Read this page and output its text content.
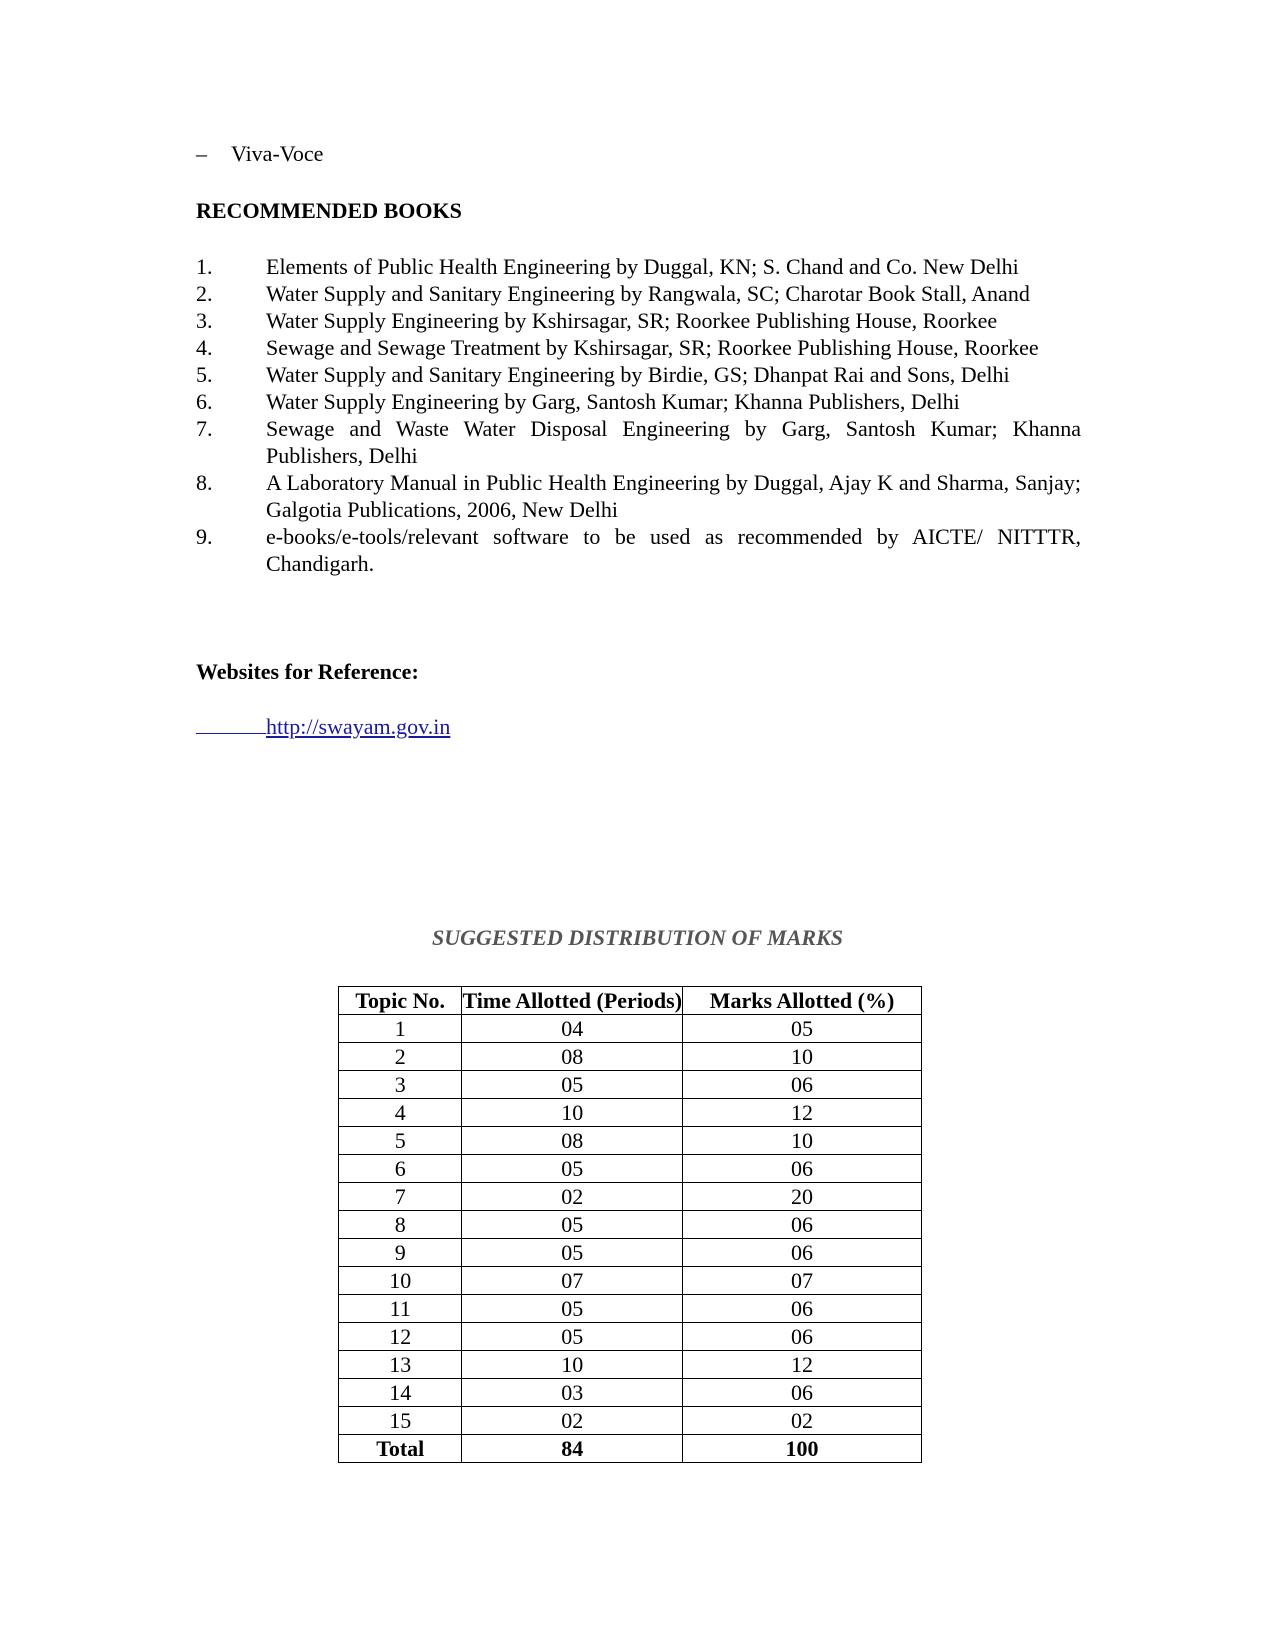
– Viva-Voce
RECOMMENDED BOOKS
1. Elements of Public Health Engineering by Duggal, KN; S. Chand and Co. New Delhi
2. Water Supply and Sanitary Engineering by Rangwala, SC; Charotar Book Stall, Anand
3. Water Supply Engineering by Kshirsagar, SR; Roorkee Publishing House, Roorkee
4. Sewage and Sewage Treatment by Kshirsagar, SR; Roorkee Publishing House, Roorkee
5. Water Supply and Sanitary Engineering by Birdie, GS; Dhanpat Rai and Sons, Delhi
6. Water Supply Engineering by Garg, Santosh Kumar; Khanna Publishers, Delhi
7. Sewage and Waste Water Disposal Engineering by Garg, Santosh Kumar; Khanna Publishers, Delhi
8. A Laboratory Manual in Public Health Engineering by Duggal, Ajay K and Sharma, Sanjay; Galgotia Publications, 2006, New Delhi
9. e-books/e-tools/relevant software to be used as recommended by AICTE/ NITTTR, Chandigarh.
Websites for Reference:
http://swayam.gov.in
SUGGESTED DISTRIBUTION OF MARKS
Topic No.	Time Allotted (Periods)	Marks Allotted (%)
1	04	05
2	08	10
3	05	06
4	10	12
5	08	10
6	05	06
7	02	20
8	05	06
9	05	06
10	07	07
11	05	06
12	05	06
13	10	12
14	03	06
15	02	02
Total	84	100
